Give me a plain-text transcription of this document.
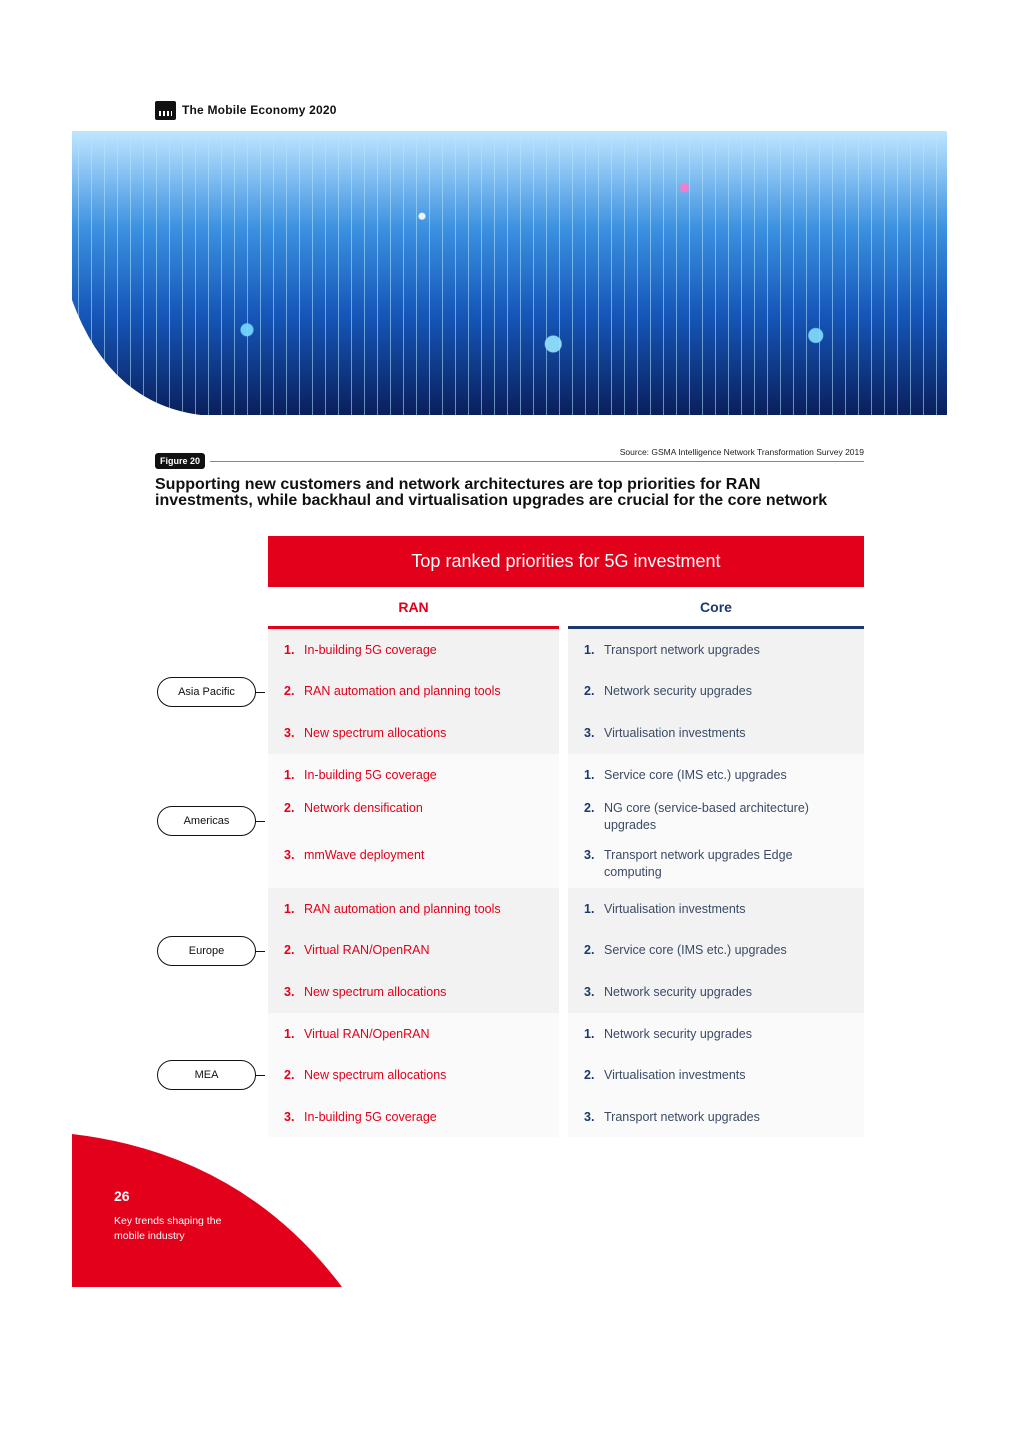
The Mobile Economy 2020
Source: GSMA Intelligence Network Transformation Survey 2019
Figure 20
Supporting new customers and network architectures are top priorities for RAN investments, while backhaul and virtualisation upgrades are crucial for the core network
Top ranked priorities for 5G investment
RAN	Core
1. In-building 5G coverage
2. RAN automation and planning tools
3. New spectrum allocations
1. Transport network upgrades
2. Network security upgrades
3. Virtualisation investments
Asia Pacific
1. In-building 5G coverage
2. Network densification
3. mmWave deployment
1. Service core (IMS etc.) upgrades
2. NG core (service-based architecture) upgrades
3. Transport network upgrades Edge computing
Americas
1. RAN automation and planning tools
2. Virtual RAN/OpenRAN
3. New spectrum allocations
1. Virtualisation investments
2. Service core (IMS etc.) upgrades
3. Network security upgrades
Europe
1. Virtual RAN/OpenRAN
2. New spectrum allocations
3. In-building 5G coverage
1. Network security upgrades
2. Virtualisation investments
3. Transport network upgrades
MEA
26
Key trends shaping the mobile industry
